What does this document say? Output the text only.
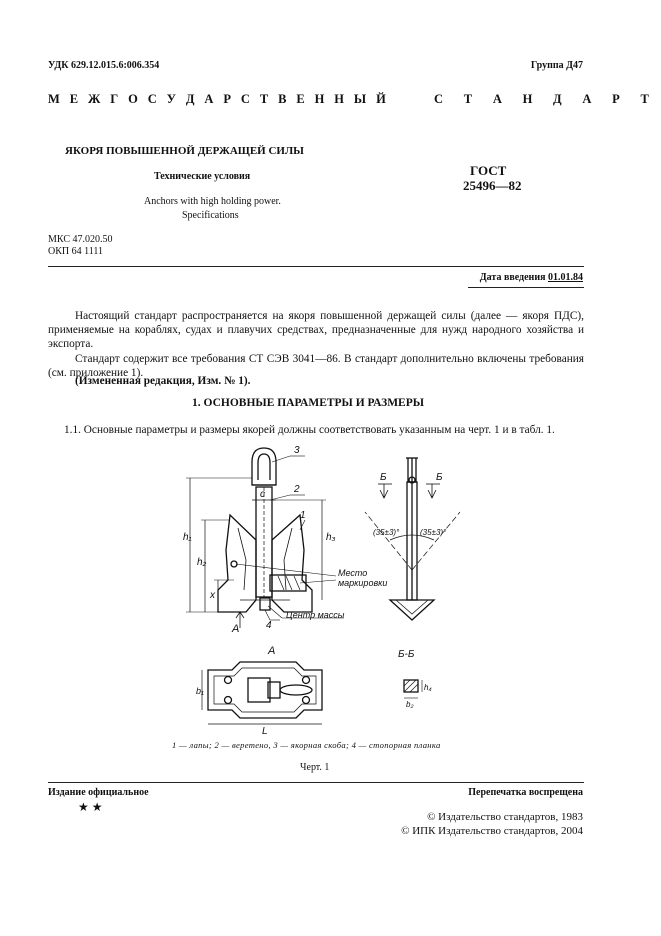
УДК 629.12.015.6:006.354	Группа Д47
М Е Ж Г О С У Д А Р С Т В Е Н Н Ы Й	С Т А Н Д А Р Т
ЯКОРЯ ПОВЫШЕННОЙ ДЕРЖАЩЕЙ СИЛЫ
Технические условия
Anchors with high holding power.
Specifications
ГОСТ
25496—82
МКС 47.020.50
ОКП 64 1111
Дата введения 01.01.84
Настоящий стандарт распространяется на якоря повышенной держащей силы (далее — якоря ПДС), применяемые на кораблях, судах и плавучих средствах, предназначенные для нужд народного хозяйства и экспорта.
Стандарт содержит все требования СТ СЭВ 3041—86. В стандарт дополнительно включены требования (см. приложение 1).
(Измененная редакция, Изм. № 1).
1. ОСНОВНЫЕ ПАРАМЕТРЫ И РАЗМЕРЫ
1.1. Основные параметры и размеры якорей должны соответствовать указанным на черт. 1 и в табл. 1.
3
2
1
4
h₁
h₂
h₃
x
c
А
Место
маркировки
Центр массы
Б	Б
(35±3)°	(35±3)°
А	Б-Б
b₁
L
h₄
b₂
1 — лапы; 2 — веретено, 3 — якорная скоба; 4 — стопорная планка
Черт. 1
Издание официальное	Перепечатка воспрещена
★ ★
© Издательство стандартов, 1983
© ИПК Издательство стандартов, 2004
